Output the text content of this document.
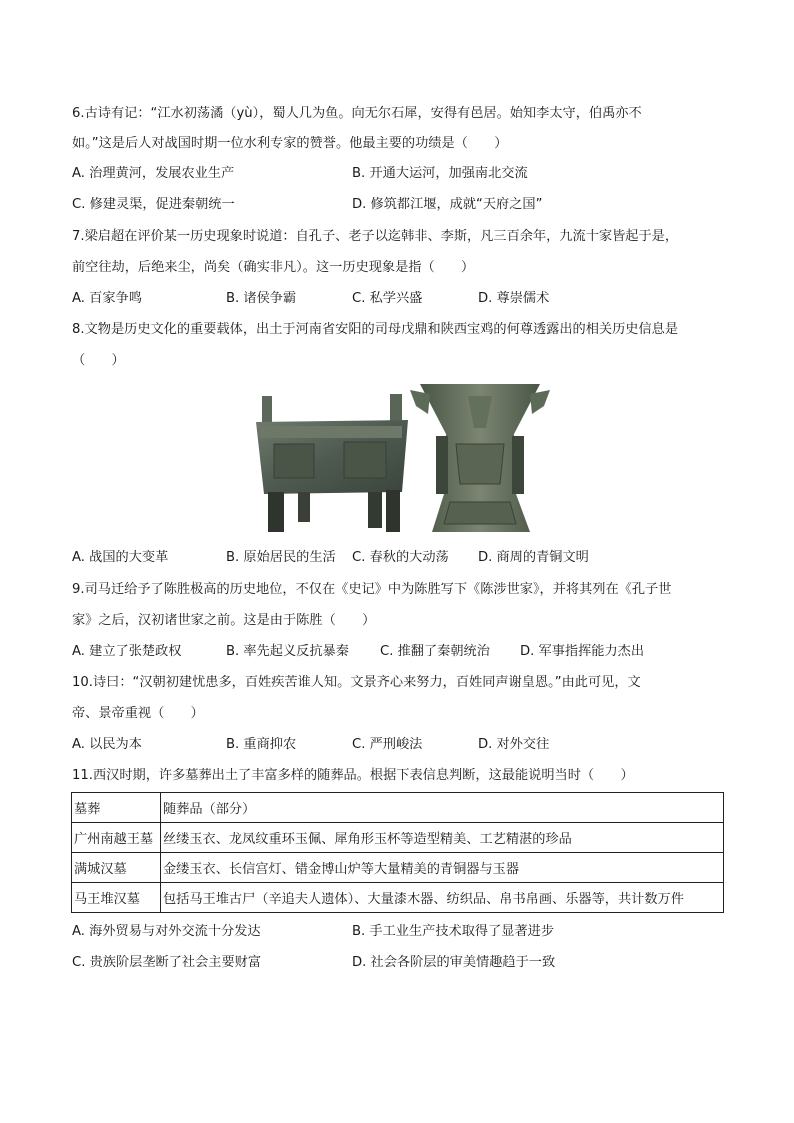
6.古诗有记：“江水初荡潏（yù），蜀人几为鱼。向无尔石犀，安得有邑居。始知李太守，伯禹亦不
如。”这是后人对战国时期一位水利专家的赞誉。他最主要的功绩是（　　）
A. 治理黄河，发展农业生产	B. 开通大运河，加强南北交流
C. 修建灵渠，促进秦朝统一	D. 修筑都江堰，成就“天府之国”
7.梁启超在评价某一历史现象时说道：自孔子、老子以迄韩非、李斯，凡三百余年，九流十家皆起于是，
前空往劫，后绝来尘，尚矣（确实非凡）。这一历史现象是指（　　）
A. 百家争鸣	B. 诸侯争霸	C. 私学兴盛	D. 尊崇儒术
8.文物是历史文化的重要载体，出土于河南省安阳的司母戊鼎和陕西宝鸡的何尊透露出的相关历史信息是
（　　）
A. 战国的大变革	B. 原始居民的生活 C. 春秋的大动荡 D. 商周的青铜文明
9.司马迁给予了陈胜极高的历史地位，不仅在《史记》中为陈胜写下《陈涉世家》，并将其列在《孔子世
家》之后，汉初诸世家之前。这是由于陈胜（　　）
A. 建立了张楚政权	B. 率先起义反抗暴秦 C. 推翻了秦朝统治 D. 军事指挥能力杰出
10.诗曰：“汉朝初建忧患多，百姓疾苦谁人知。文景齐心来努力，百姓同声谢皇恩。”由此可见，文
帝、景帝重视（　　）
A. 以民为本	B. 重商抑农	C. 严刑峻法	D. 对外交往
11.西汉时期，许多墓葬出土了丰富多样的随葬品。根据下表信息判断，这最能说明当时（　　）
墓葬	随葬品（部分）
广州南越王墓	丝缕玉衣、龙凤纹重环玉佩、犀角形玉杯等造型精美、工艺精湛的珍品
满城汉墓	金缕玉衣、长信宫灯、错金博山炉等大量精美的青铜器与玉器
马王堆汉墓	包括马王堆古尸（辛追夫人遗体）、大量漆木器、纺织品、帛书帛画、乐器等，共计数万件
A. 海外贸易与对外交流十分发达	B. 手工业生产技术取得了显著进步
C. 贵族阶层垄断了社会主要财富	D. 社会各阶层的审美情趣趋于一致
